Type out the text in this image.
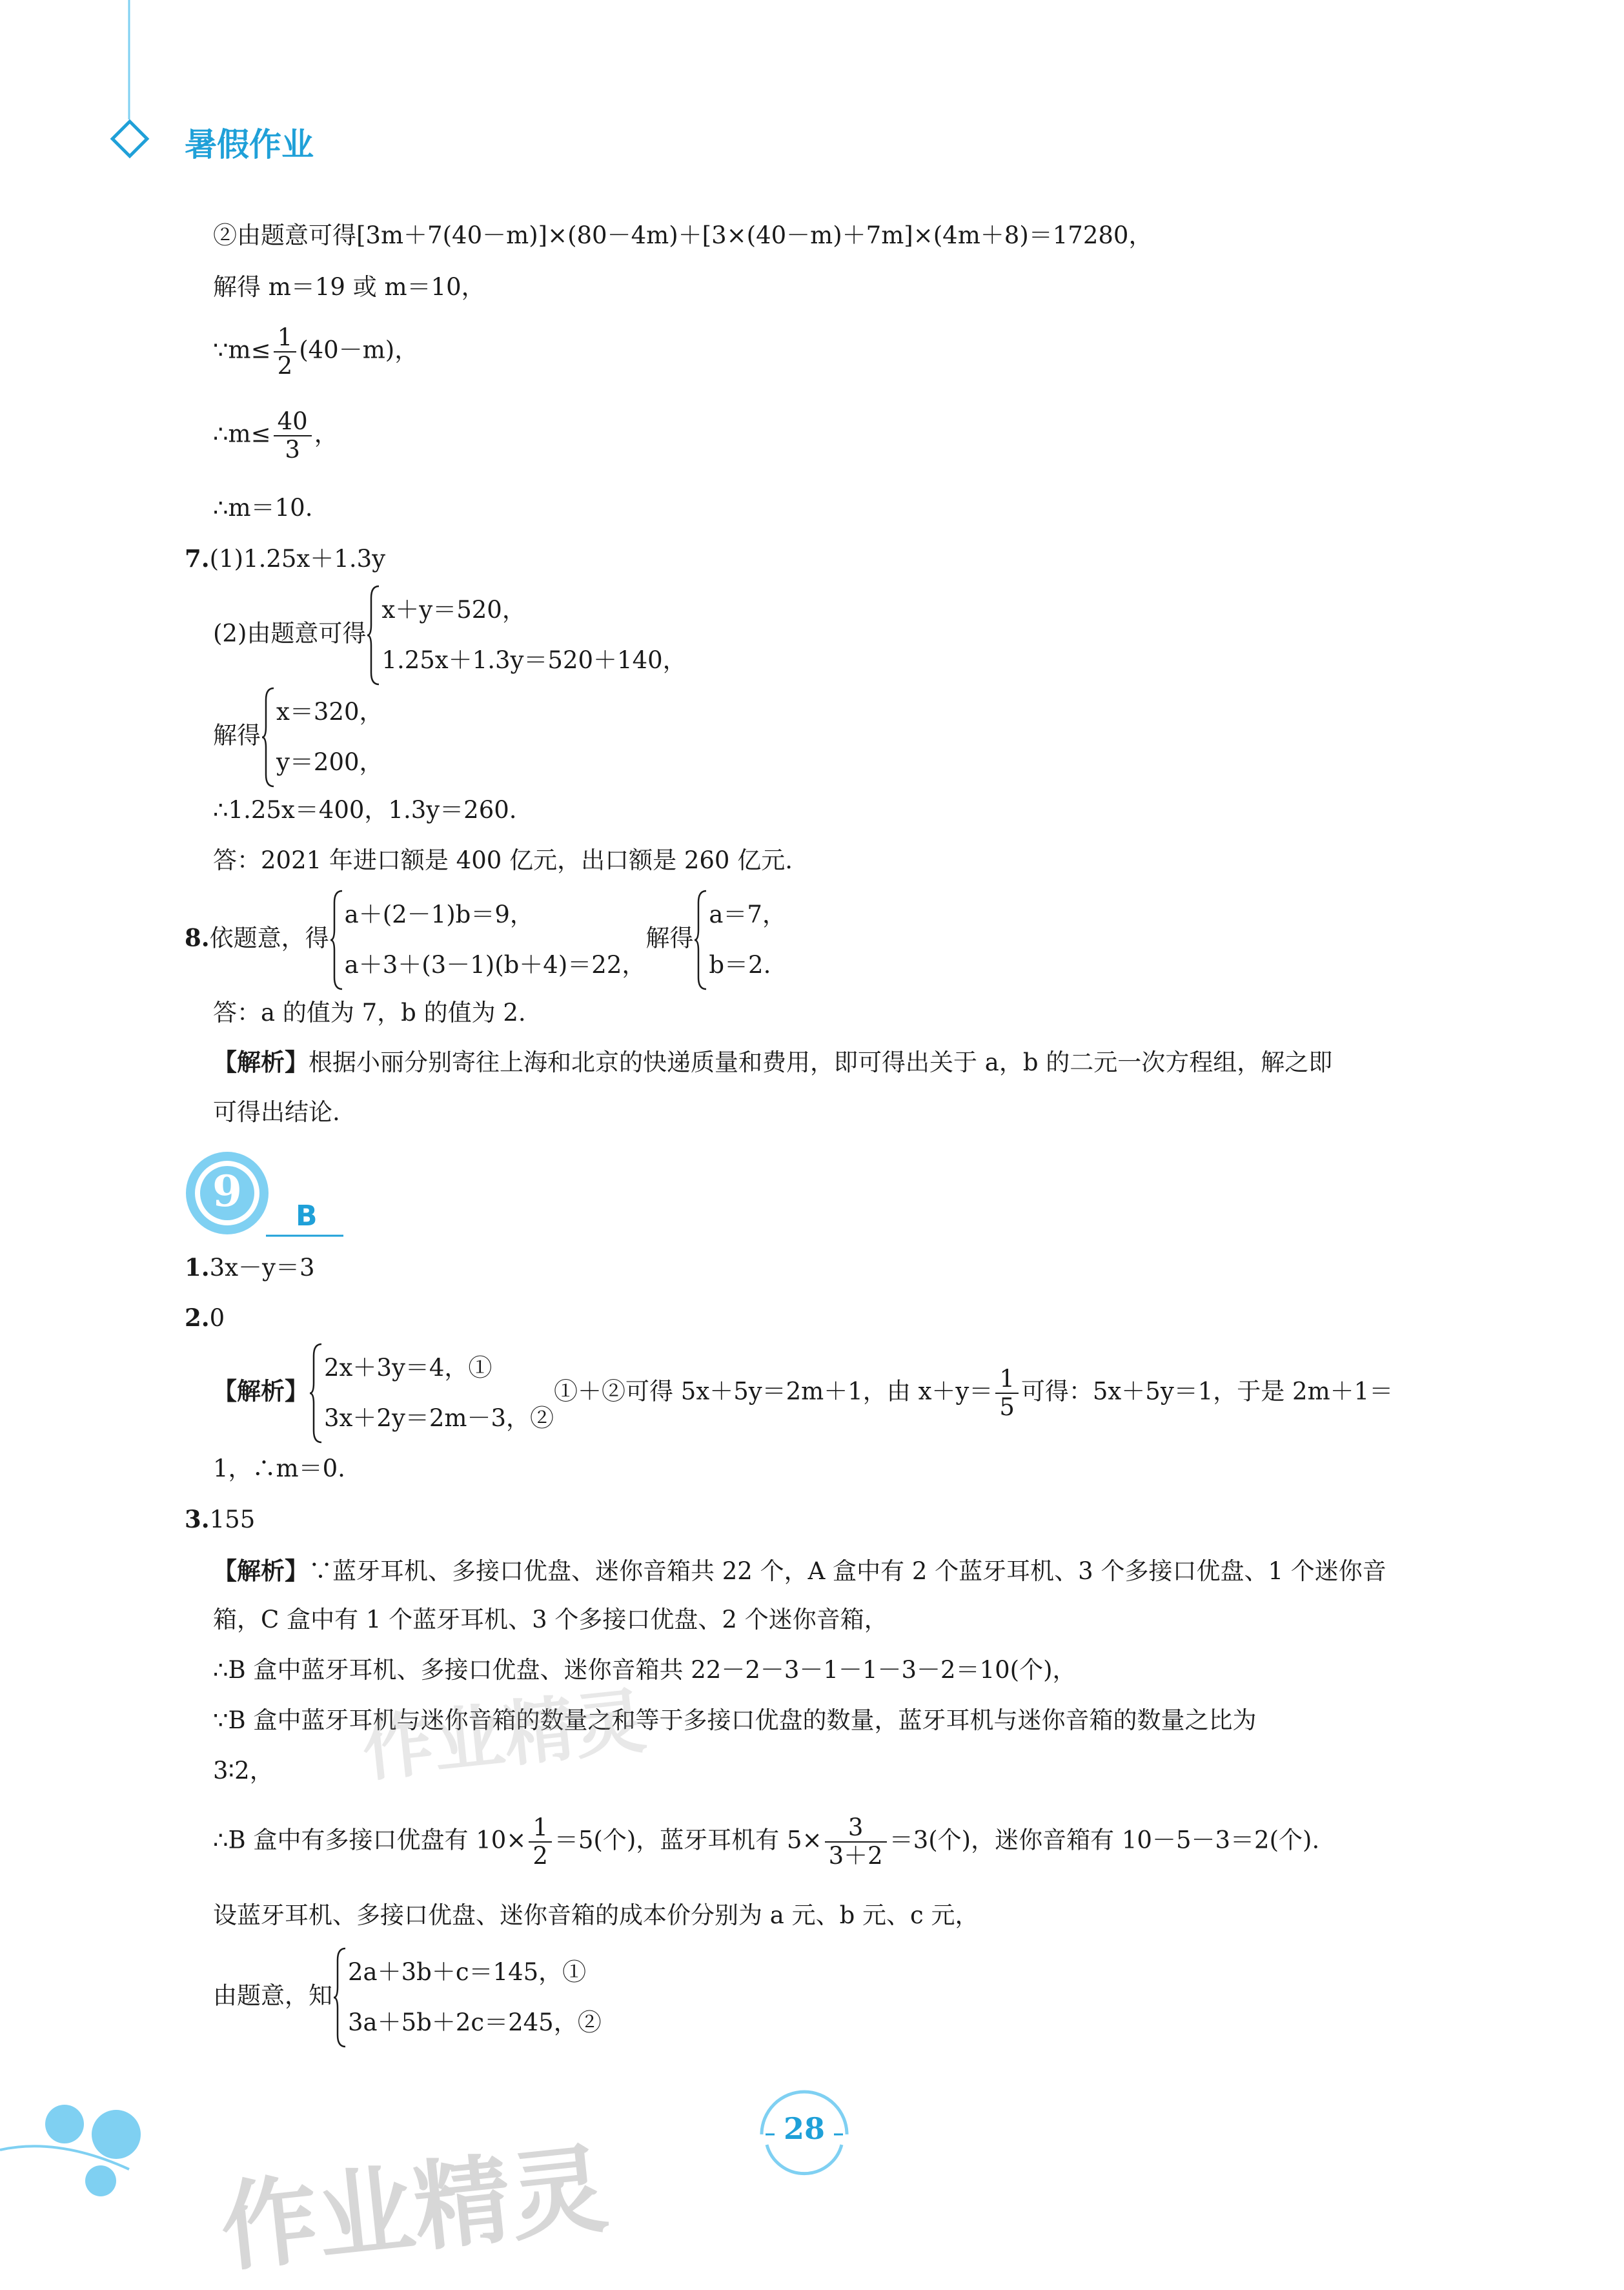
暑假作业
②由题意可得[3m＋7(40－m)]×(80－4m)＋[3×(40－m)＋7m]×(4m＋8)＝17280，
解得 m＝19 或 m＝10，
∵m≤ $\frac{1}{2} (40-m)$，
∴m≤ $\frac{40}{3}$ ，
∴m＝10.
7.(1)1.25x＋1.3y
(2)由题意可得
x＋y＝520，
1.25x＋1.3y＝520＋140，
解得
x＝320，
y＝200，
∴1.25x＝400，1.3y＝260.
答：2021 年进口额是 400 亿元，出口额是 260 亿元.
8.依题意，得
a＋(2－1)b＝9，
a＋3＋(3－1)(b＋4)＝22，
解得
a＝7，
b＝2.
答：a 的值为 7，b 的值为 2.
【解析】根据小丽分别寄往上海和北京的快递质量和费用，即可得出关于 a，b 的二元一次方程组，解之即
可得出结论.
9	B
1.3x－y＝3
2.0
【解析】
2x＋3y＝4，①
3x＋2y＝2m－3，②
①＋②可得 5x＋5y＝2m＋1，由 $x+y= \frac{1}{5}$ 可得：5x＋5y＝1，于是 2m＋1＝
1，∴m＝0.
3.155
【解析】∵蓝牙耳机、多接口优盘、迷你音箱共 22 个，A 盒中有 2 个蓝牙耳机、3 个多接口优盘、1 个迷你音
箱，C 盒中有 1 个蓝牙耳机、3 个多接口优盘、2 个迷你音箱，
∴B 盒中蓝牙耳机、多接口优盘、迷你音箱共 22－2－3－1－1－3－2＝10(个)，
∵B 盒中蓝牙耳机与迷你音箱的数量之和等于多接口优盘的数量，蓝牙耳机与迷你音箱的数量之比为
3∶2，
∴B 盒中有多接口优盘有 $10\times \frac{1}{2} =5$(个)，蓝牙耳机有 $5\times \frac{3}{3+2} =3$(个)，迷你音箱有 10－5－3＝2(个).
设蓝牙耳机、多接口优盘、迷你音箱的成本价分别为 a 元、b 元、c 元，
由题意，知
2a＋3b＋c＝145，①
3a＋5b＋2c＝245，②
作业精灵
28
作业精灵
